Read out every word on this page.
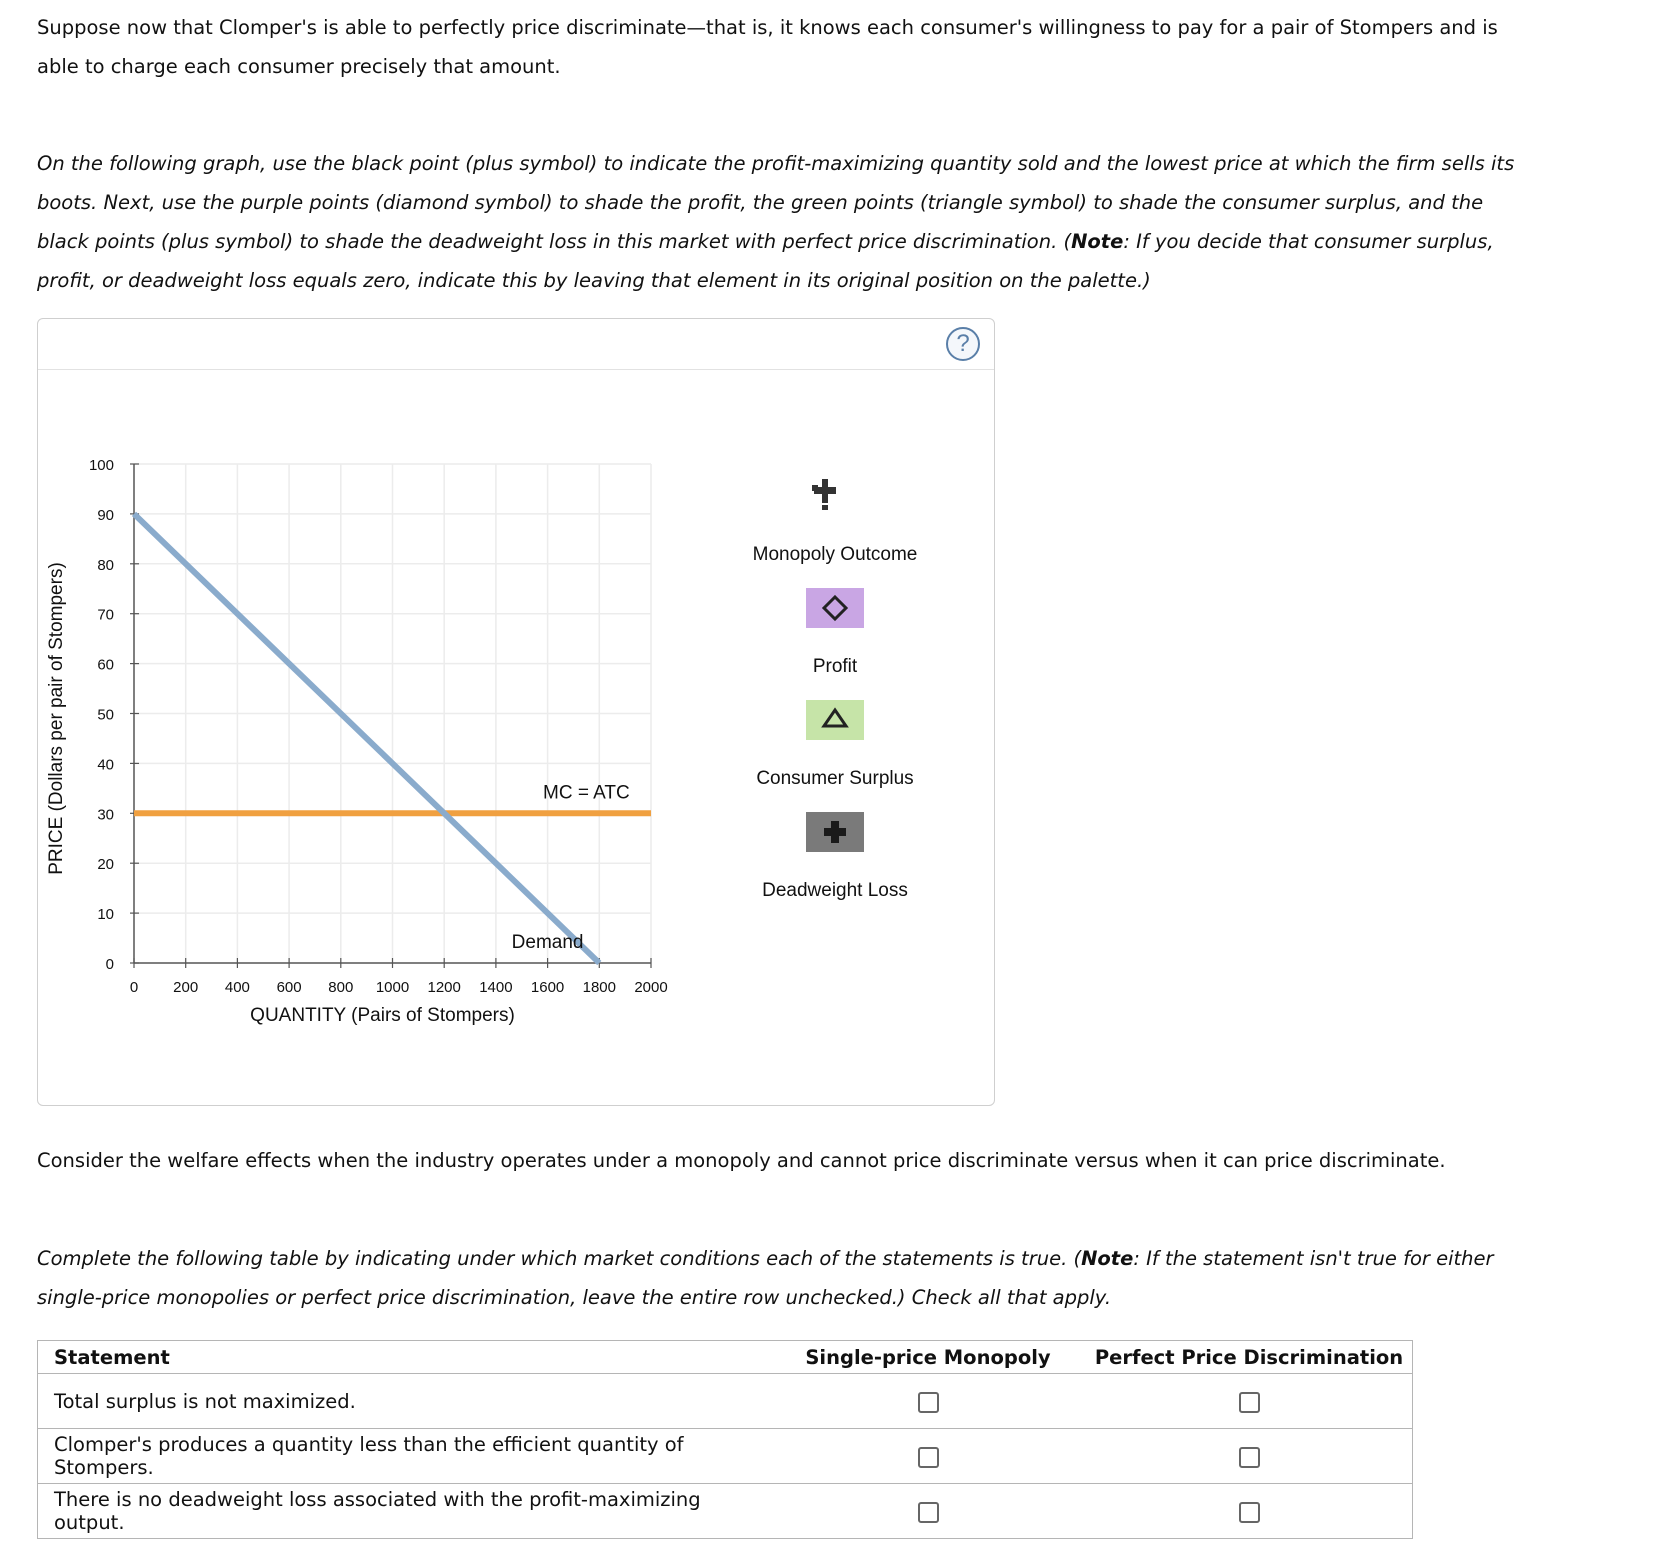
Suppose now that Clomper's is able to perfectly price discriminate—that is, it knows each consumer's willingness to pay for a pair of Stompers and is
able to charge each consumer precisely that amount.

On the following graph, use the black point (plus symbol) to indicate the profit-maximizing quantity sold and the lowest price at which the firm sells its boots. Next, use the purple points (diamond symbol) to shade the profit, the green points (triangle symbol) to shade the consumer surplus, and the black points (plus symbol) to shade the deadweight loss in this market with perfect price discrimination. (Note: If you decide that consumer surplus, profit, or deadweight loss equals zero, indicate this by leaving that element in its original position on the palette.)

?
0 200 400 600 800 1000 1200 1400 1600 1800 2000
0
10
20
30
40
50
60
70
80
90
100
Demand
MC = ATC
QUANTITY (Pairs of Stompers)
PRICE (Dollars per pair of Stompers)
Monopoly Outcome
Profit
Consumer Surplus
Deadweight Loss

Consider the welfare effects when the industry operates under a monopoly and cannot price discriminate versus when it can price discriminate.

Complete the following table by indicating under which market conditions each of the statements is true. (Note: If the statement isn't true for either single-price monopolies or perfect price discrimination, leave the entire row unchecked.) Check all that apply.

Statement	Single-price Monopoly	Perfect Price Discrimination
Total surplus is not maximized.		
Clomper's produces a quantity less than the efficient quantity of Stompers.		
There is no deadweight loss associated with the profit-maximizing output.		
